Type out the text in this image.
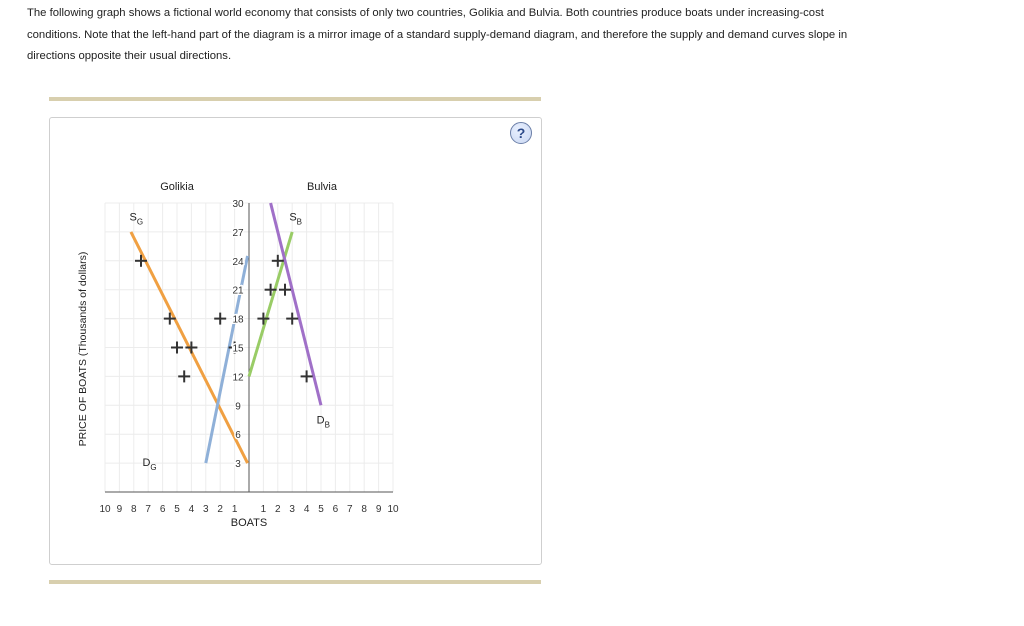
The following graph shows a fictional world economy that consists of only two countries, Golikia and Bulvia. Both countries produce boats under increasing-cost conditions. Note that the left-hand part of the diagram is a mirror image of a standard supply-demand diagram, and therefore the supply and demand curves slope in directions opposite their usual directions.
?
$S_G$
$D_G$
$S_B$
$D_B$
3
6
9
12
15
18
21
24
27
30
10 9 8 7 6 5 4 3 2 1 1 2 3 4 5 6 7 8 9 10
Golikia	Bulvia
BOATS
PRICE OF BOATS (Thousands of dollars)
